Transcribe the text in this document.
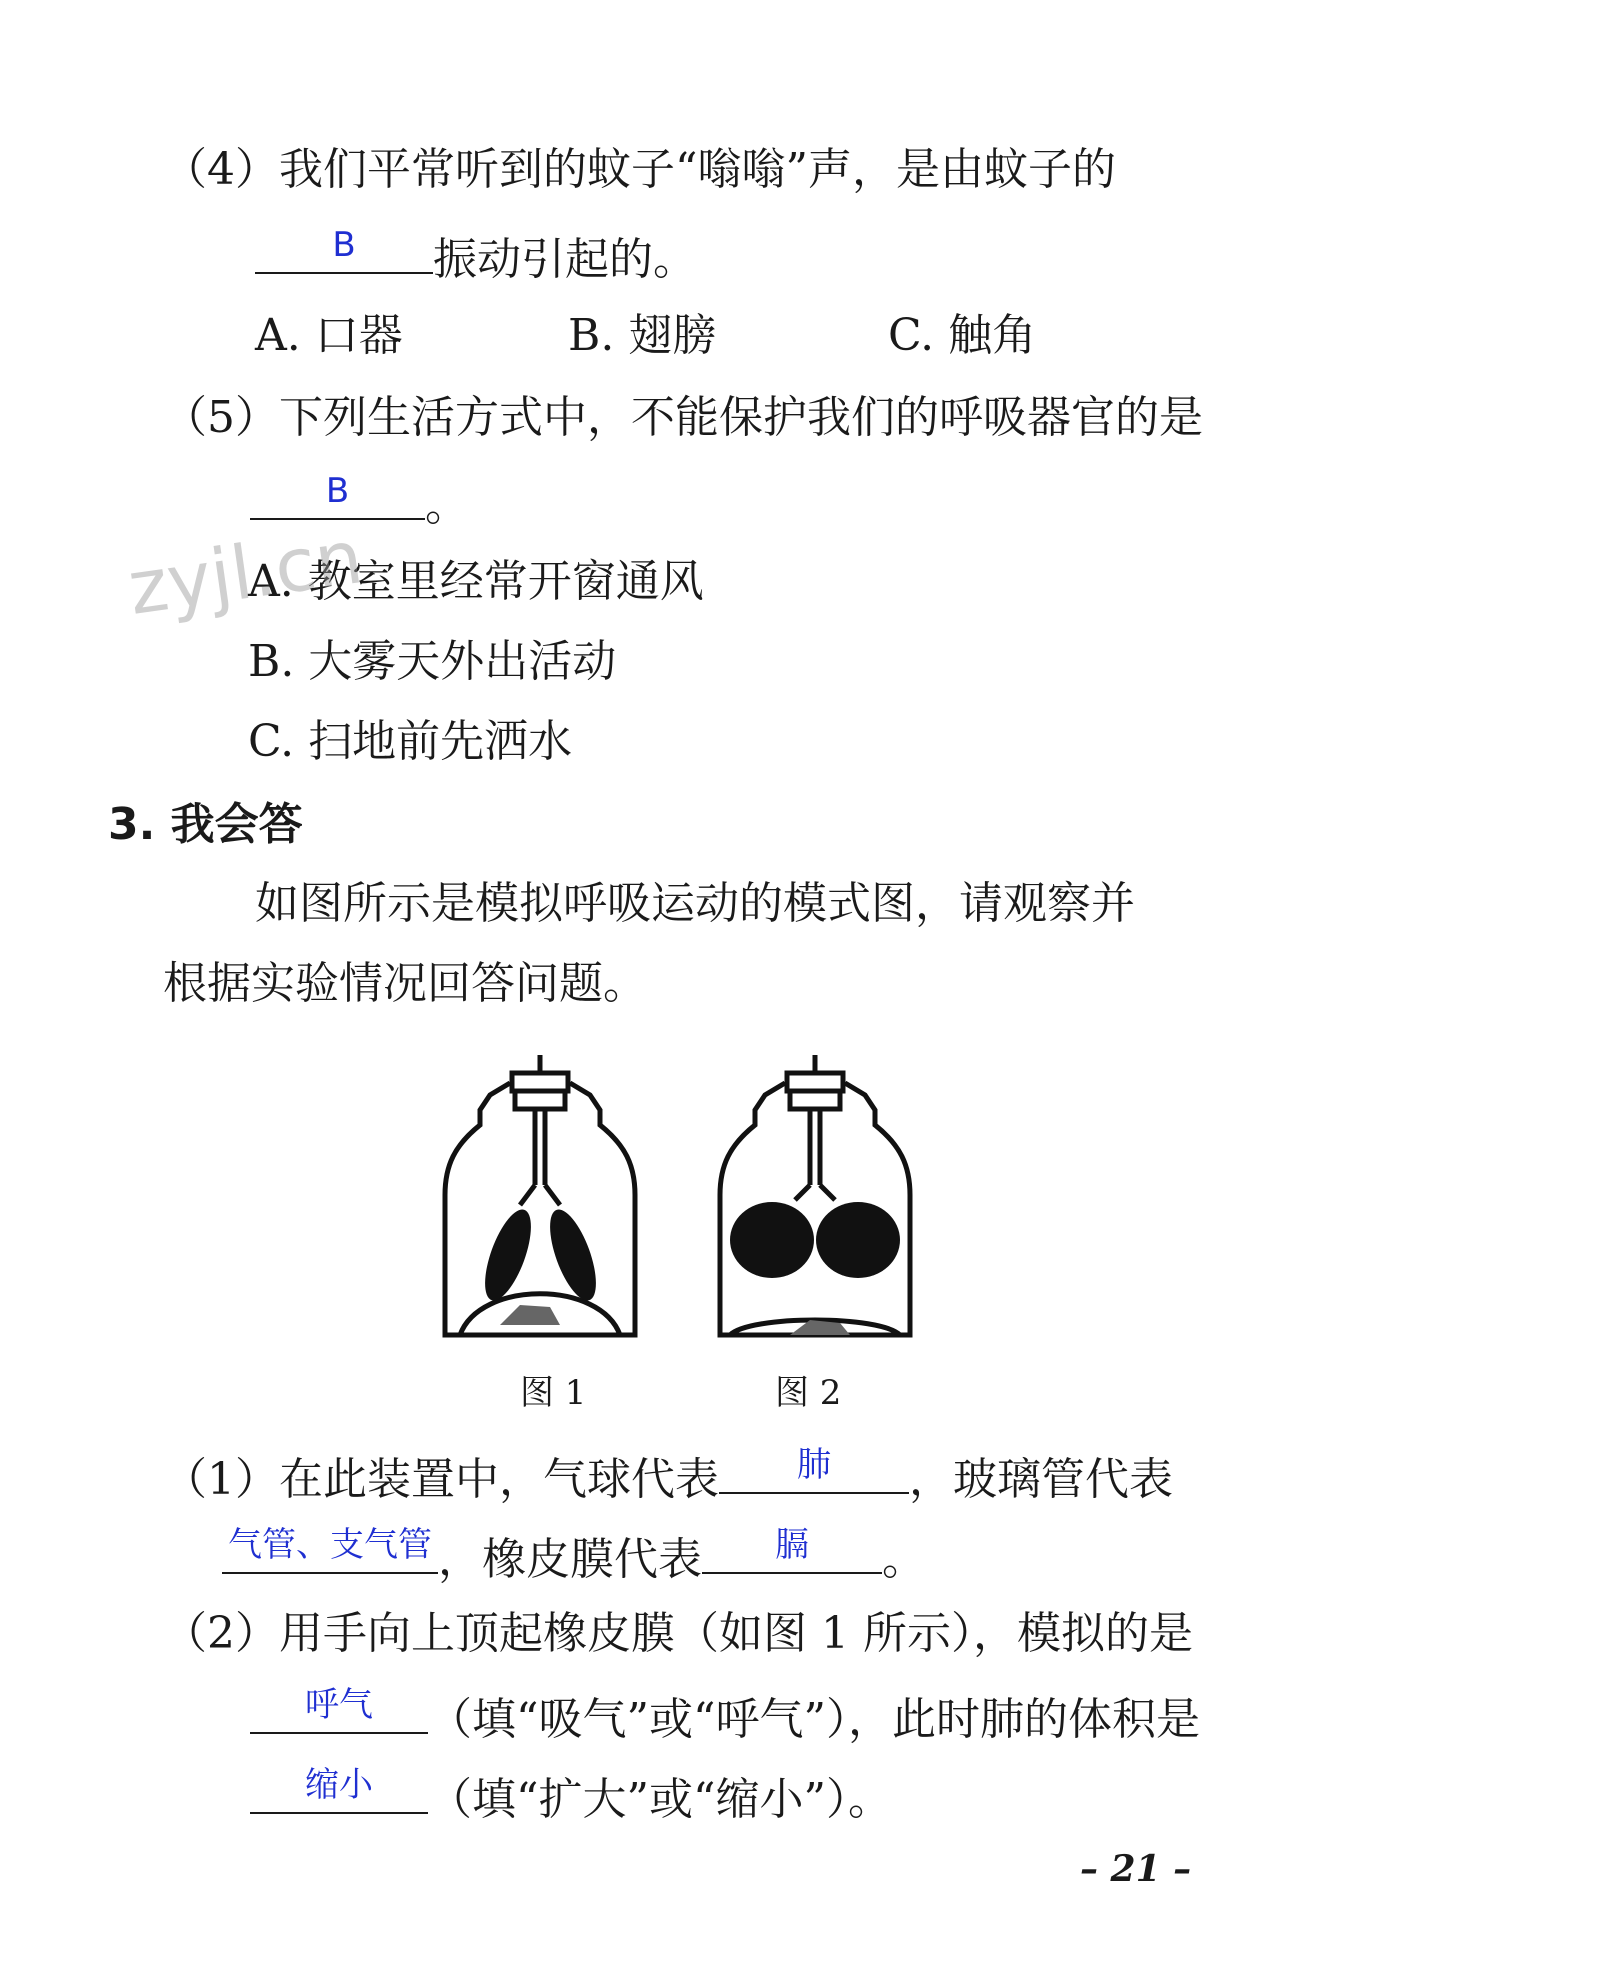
（4）我们平常听到的蚊子“嗡嗡”声，是由蚊子的
B	振动引起的。
A. 口器	B. 翅膀	C. 触角
（5）下列生活方式中，不能保护我们的呼吸器官的是
B	。
A. 教室里经常开窗通风
B. 大雾天外出活动
C. 扫地前先洒水
zyjl.cn
3. 我会答
如图所示是模拟呼吸运动的模式图，请观察并
根据实验情况回答问题。
图 1	图 2
（1）在此装置中，气球代表	肺	，玻璃管代表
气管、支气管 ，橡皮膜代表	膈	。
（2）用手向上顶起橡皮膜（如图 1 所示），模拟的是
呼气	（填“吸气”或“呼气”），此时肺的体积是
缩小	（填“扩大”或“缩小”）。
– 21 –
